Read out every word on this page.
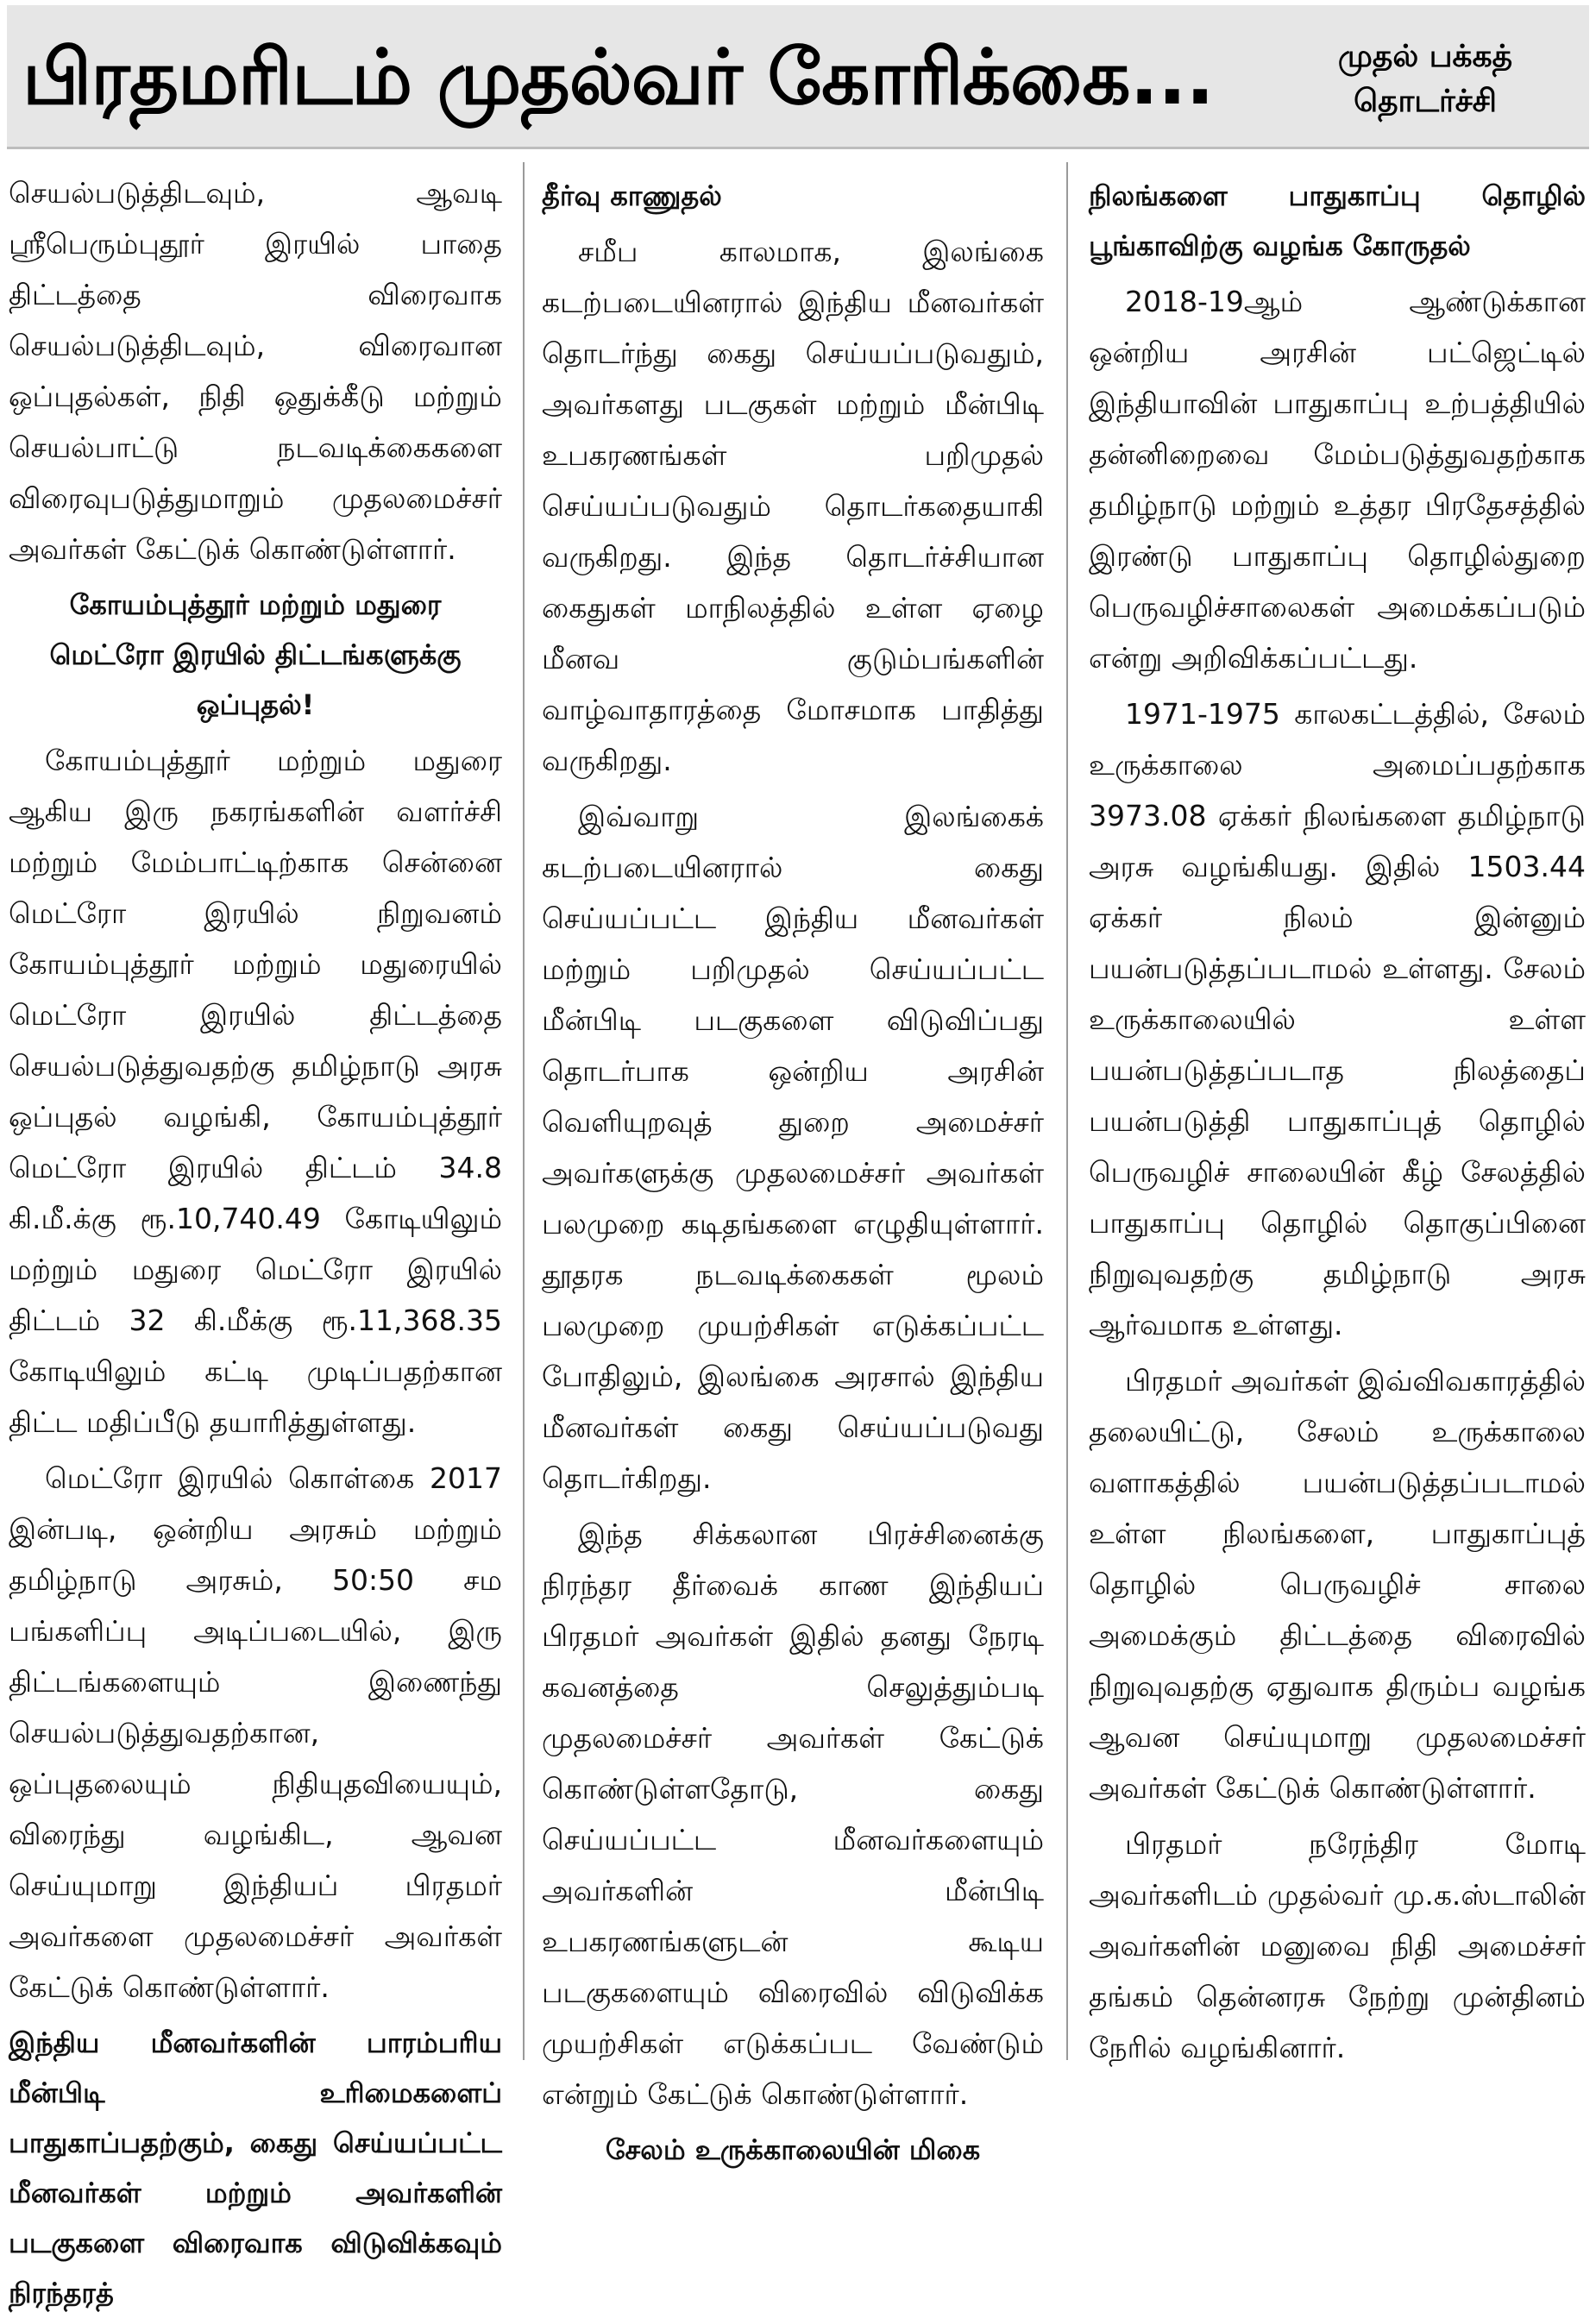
பிரதமரிடம் முதல்வர் கோரிக்கை...	முதல் பக்கத்
தொடர்ச்சி

செயல்படுத்திடவும், ஆவடி ஸ்ரீபெரும்புதூர் இரயில் பாதை திட்டத்தை விரைவாக செயல்படுத்திடவும், விரைவான ஒப்புதல்கள், நிதி ஒதுக்கீடு மற்றும் செயல்பாட்டு நடவடிக்கைகளை விரைவுபடுத்துமாறும் முதலமைச்சர் அவர்கள் கேட்டுக் கொண்டுள்ளார்.

கோயம்புத்தூர் மற்றும் மதுரை
மெட்ரோ இரயில் திட்டங்களுக்கு ஒப்புதல்!

கோயம்புத்தூர் மற்றும் மதுரை ஆகிய இரு நகரங்களின் வளர்ச்சி மற்றும் மேம்பாட்டிற்காக சென்னை மெட்ரோ இரயில் நிறுவனம் கோயம்புத்தூர் மற்றும் மதுரையில் மெட்ரோ இரயில் திட்டத்தை செயல்படுத்துவதற்கு தமிழ்நாடு அரசு ஒப்புதல் வழங்கி, கோயம்புத்தூர் மெட்ரோ இரயில் திட்டம் 34.8 கி.மீ.க்கு ரூ.10,740.49 கோடியிலும் மற்றும் மதுரை மெட்ரோ இரயில் திட்டம் 32 கி.மீக்கு ரூ.11,368.35 கோடியிலும் கட்டி முடிப்பதற்கான திட்ட மதிப்பீடு தயாரித்துள்ளது.

மெட்ரோ இரயில் கொள்கை 2017 இன்படி, ஒன்றிய அரசும் மற்றும் தமிழ்நாடு அரசும், 50:50 சம பங்களிப்பு அடிப்படையில், இரு திட்டங்களையும் இணைந்து செயல்படுத்துவதற்கான, ஒப்புதலையும் நிதியுதவியையும், விரைந்து வழங்கிட, ஆவன செய்யுமாறு இந்தியப் பிரதமர் அவர்களை முதலமைச்சர் அவர்கள் கேட்டுக் கொண்டுள்ளார்.

இந்திய மீனவர்களின் பாரம்பரிய மீன்பிடி உரிமைகளைப் பாதுகாப்பதற்கும், கைது செய்யப்பட்ட மீனவர்கள் மற்றும் அவர்களின் படகுகளை விரைவாக விடுவிக்கவும் நிரந்தரத்
தீர்வு காணுதல்

சமீப காலமாக, இலங்கை கடற்படையினரால் இந்திய மீனவர்கள் தொடர்ந்து கைது செய்யப்படுவதும், அவர்களது படகுகள் மற்றும் மீன்பிடி உபகரணங்கள் பறிமுதல் செய்யப்படுவதும் தொடர்கதையாகி வருகிறது. இந்த தொடர்ச்சியான கைதுகள் மாநிலத்தில் உள்ள ஏழை மீனவ குடும்பங்களின் வாழ்வாதாரத்தை மோசமாக பாதித்து வருகிறது.

இவ்வாறு இலங்கைக் கடற்படையினரால் கைது செய்யப்பட்ட இந்திய மீனவர்கள் மற்றும் பறிமுதல் செய்யப்பட்ட மீன்பிடி படகுகளை விடுவிப்பது தொடர்பாக ஒன்றிய அரசின் வெளியுறவுத் துறை அமைச்சர் அவர்களுக்கு முதலமைச்சர் அவர்கள் பலமுறை கடிதங்களை எழுதியுள்ளார். தூதரக நடவடிக்கைகள் மூலம் பலமுறை முயற்சிகள் எடுக்கப்பட்ட போதிலும், இலங்கை அரசால் இந்திய மீனவர்கள் கைது செய்யப்படுவது தொடர்கிறது.

இந்த சிக்கலான பிரச்சினைக்கு நிரந்தர தீர்வைக் காண இந்தியப் பிரதமர் அவர்கள் இதில் தனது நேரடி கவனத்தை செலுத்தும்படி முதலமைச்சர் அவர்கள் கேட்டுக் கொண்டுள்ளதோடு, கைது செய்யப்பட்ட மீனவர்களையும் அவர்களின் மீன்பிடி உபகரணங்களுடன் கூடிய படகுகளையும் விரைவில் விடுவிக்க முயற்சிகள் எடுக்கப்பட வேண்டும் என்றும் கேட்டுக் கொண்டுள்ளார்.

சேலம் உருக்காலையின் மிகை
நிலங்களை பாதுகாப்பு தொழில் பூங்காவிற்கு வழங்க கோருதல்

2018-19ஆம் ஆண்டுக்கான ஒன்றிய அரசின் பட்ஜெட்டில் இந்தியாவின் பாதுகாப்பு உற்பத்தியில் தன்னிறைவை மேம்படுத்துவதற்காக தமிழ்நாடு மற்றும் உத்தர பிரதேசத்தில் இரண்டு பாதுகாப்பு தொழில்துறை பெருவழிச்சாலைகள் அமைக்கப்படும் என்று அறிவிக்கப்பட்டது.

1971-1975 காலகட்டத்தில், சேலம் உருக்காலை அமைப்பதற்காக 3973.08 ஏக்கர் நிலங்களை தமிழ்நாடு அரசு வழங்கியது. இதில் 1503.44 ஏக்கர் நிலம் இன்னும் பயன்படுத்தப்படாமல் உள்ளது. சேலம் உருக்காலையில் உள்ள பயன்படுத்தப்படாத நிலத்தைப் பயன்படுத்தி பாதுகாப்புத் தொழில் பெருவழிச் சாலையின் கீழ் சேலத்தில் பாதுகாப்பு தொழில் தொகுப்பினை நிறுவுவதற்கு தமிழ்நாடு அரசு ஆர்வமாக உள்ளது.

பிரதமர் அவர்கள் இவ்விவகாரத்தில் தலையிட்டு, சேலம் உருக்காலை வளாகத்தில் பயன்படுத்தப்படாமல் உள்ள நிலங்களை, பாதுகாப்புத் தொழில் பெருவழிச் சாலை அமைக்கும் திட்டத்தை விரைவில் நிறுவுவதற்கு ஏதுவாக திரும்ப வழங்க ஆவன செய்யுமாறு முதலமைச்சர் அவர்கள் கேட்டுக் கொண்டுள்ளார்.

பிரதமர் நரேந்திர மோடி அவர்களிடம் முதல்வர் மு.க.ஸ்டாலின் அவர்களின் மனுவை நிதி அமைச்சர் தங்கம் தென்னரசு நேற்று முன்தினம் நேரில் வழங்கினார்.
